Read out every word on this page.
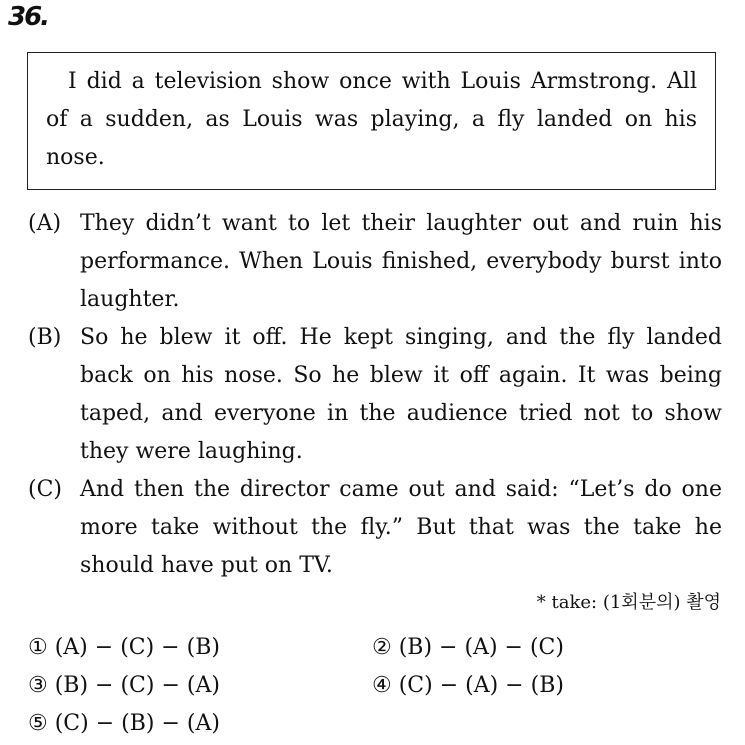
36.
I did a television show once with Louis Armstrong. All of a sudden, as Louis was playing, a fly landed on his nose.
(A) They didn’t want to let their laughter out and ruin his performance. When Louis finished, everybody burst into laughter.
(B) So he blew it off. He kept singing, and the fly landed back on his nose. So he blew it off again. It was being taped, and everyone in the audience tried not to show they were laughing.
(C) And then the director came out and said: “Let’s do one more take without the fly.” But that was the take he should have put on TV.
* take: (1회분의) 촬영
① (A) − (C) − (B)	② (B) − (A) − (C)
③ (B) − (C) − (A)	④ (C) − (A) − (B)
⑤ (C) − (B) − (A)
